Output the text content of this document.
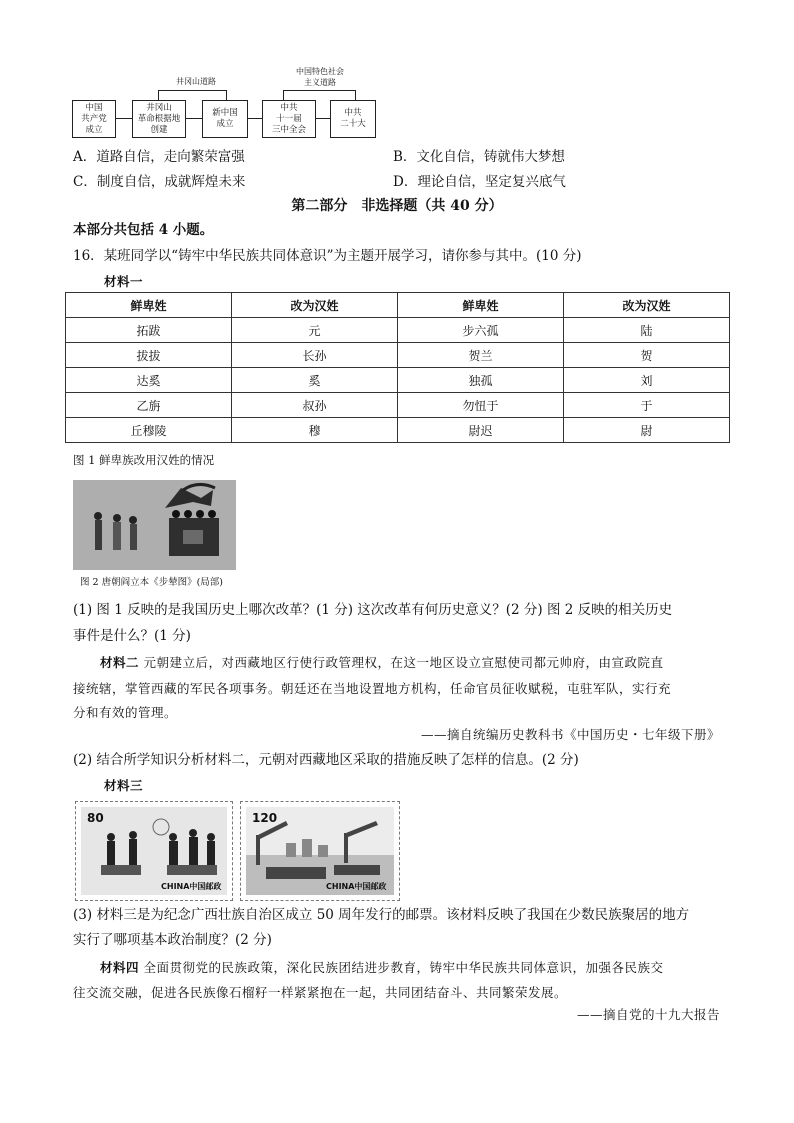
井冈山道路
中国特色社会
主义道路
中国
共产党
成立
井冈山
革命根据地
创建
新中国
成立
中共
十一届
三中全会
中共
二十大
A．道路自信，走向繁荣富强	B．文化自信，铸就伟大梦想
C．制度自信，成就辉煌未来	D．理论自信，坚定复兴底气
第二部分　非选择题（共 40 分）
本部分共包括 4 小题。
16．某班同学以“铸牢中华民族共同体意识”为主题开展学习，请你参与其中。(10 分)
材料一
鲜卑姓	改为汉姓	鲜卑姓	改为汉姓
拓跋	元	步六孤	陆
拔拔	长孙	贺兰	贺
达奚	奚	独孤	刘
乙旃	叔孙	勿忸于	于
丘穆陵	穆	尉迟	尉
图 1 鲜卑族改用汉姓的情况
图 2 唐朝阎立本《步辇图》(局部)
(1) 图 1 反映的是我国历史上哪次改革？(1 分) 这次改革有何历史意义？(2 分) 图 2 反映的相关历史
事件是什么？(1 分)
材料二 元朝建立后，对西藏地区行使行政管理权，在这一地区设立宣慰使司都元帅府，由宣政院直
接统辖，掌管西藏的军民各项事务。朝廷还在当地设置地方机构，任命官员征收赋税，屯驻军队，实行充
分和有效的管理。
——摘自统编历史教科书《中国历史・七年级下册》
(2) 结合所学知识分析材料二，元朝对西藏地区采取的措施反映了怎样的信息。(2 分)
材料三
80
CHINA中国邮政
120
CHINA中国邮政
(3) 材料三是为纪念广西壮族自治区成立 50 周年发行的邮票。该材料反映了我国在少数民族聚居的地方
实行了哪项基本政治制度？(2 分)
材料四 全面贯彻党的民族政策，深化民族团结进步教育，铸牢中华民族共同体意识，加强各民族交
往交流交融，促进各民族像石榴籽一样紧紧抱在一起，共同团结奋斗、共同繁荣发展。
——摘自党的十九大报告
